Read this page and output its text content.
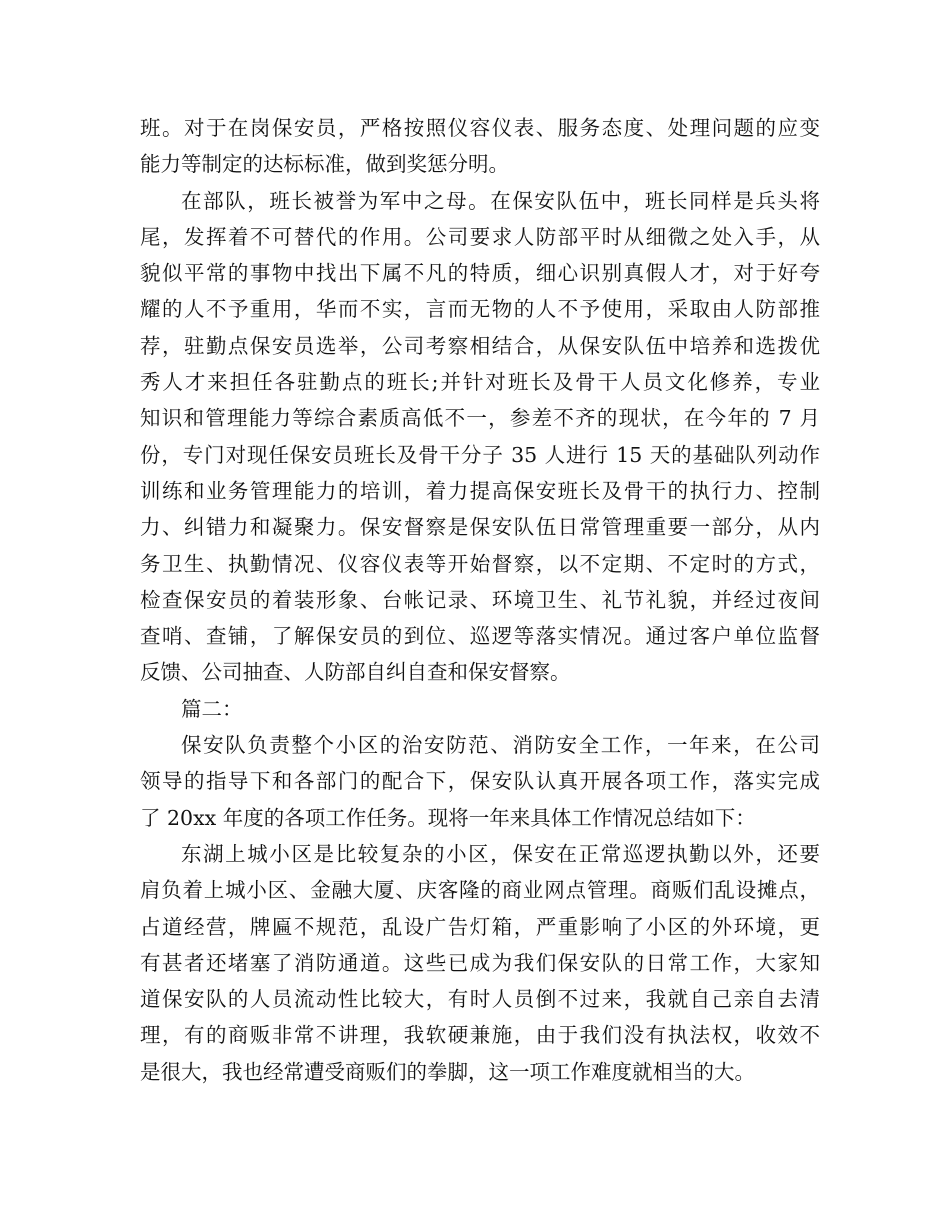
班。对于在岗保安员，严格按照仪容仪表、服务态度、处理问题的应变
能力等制定的达标标准，做到奖惩分明。
在部队，班长被誉为军中之母。在保安队伍中，班长同样是兵头将
尾，发挥着不可替代的作用。公司要求人防部平时从细微之处入手，从
貌似平常的事物中找出下属不凡的特质，细心识别真假人才，对于好夸
耀的人不予重用，华而不实，言而无物的人不予使用，采取由人防部推
荐，驻勤点保安员选举，公司考察相结合，从保安队伍中培养和选拨优
秀人才来担任各驻勤点的班长;并针对班长及骨干人员文化修养，专业
知识和管理能力等综合素质高低不一，参差不齐的现状，在今年的 7 月
份，专门对现任保安员班长及骨干分子 35 人进行 15 天的基础队列动作
训练和业务管理能力的培训，着力提高保安班长及骨干的执行力、控制
力、纠错力和凝聚力。保安督察是保安队伍日常管理重要一部分，从内
务卫生、执勤情况、仪容仪表等开始督察，以不定期、不定时的方式，
检查保安员的着装形象、台帐记录、环境卫生、礼节礼貌，并经过夜间
查哨、查铺，了解保安员的到位、巡逻等落实情况。通过客户单位监督
反馈、公司抽查、人防部自纠自查和保安督察。
篇二：
保安队负责整个小区的治安防范、消防安全工作，一年来，在公司
领导的指导下和各部门的配合下，保安队认真开展各项工作，落实完成
了 20xx 年度的各项工作任务。现将一年来具体工作情况总结如下：
东湖上城小区是比较复杂的小区，保安在正常巡逻执勤以外，还要
肩负着上城小区、金融大厦、庆客隆的商业网点管理。商贩们乱设摊点，
占道经营，牌匾不规范，乱设广告灯箱，严重影响了小区的外环境，更
有甚者还堵塞了消防通道。这些已成为我们保安队的日常工作，大家知
道保安队的人员流动性比较大，有时人员倒不过来，我就自己亲自去清
理，有的商贩非常不讲理，我软硬兼施，由于我们没有执法权，收效不
是很大，我也经常遭受商贩们的拳脚，这一项工作难度就相当的大。
